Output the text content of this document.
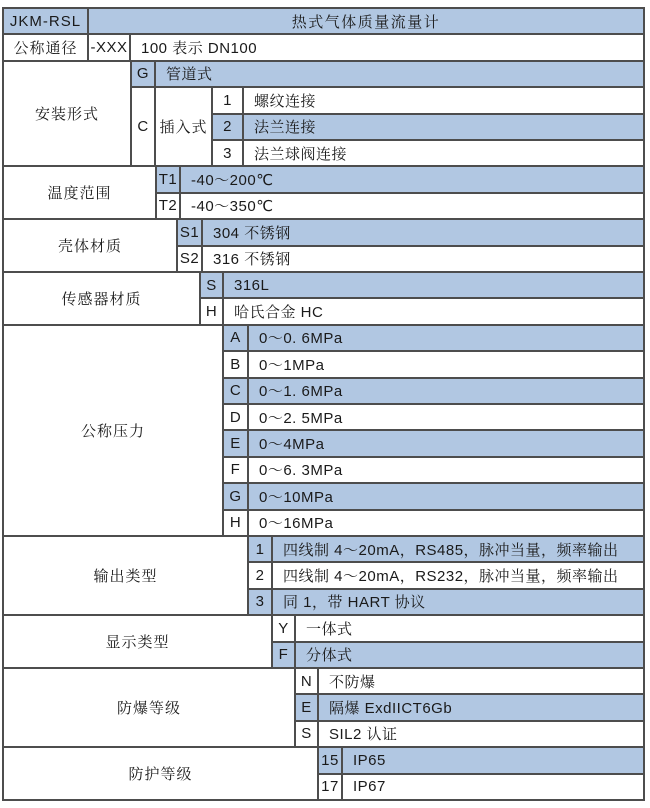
JKM-RSL	热式气体质量流量计
公称通径 -XXX 100 表示 DN100
安装形式
G	管道式
C 插入式
1	螺纹连接
2	法兰连接
3	法兰球阀连接
温度范围
T1 -40～200℃
T2 -40～350℃
壳体材质
S1 304 不锈钢
S2 316 不锈钢
传感器材质
S	316L
H	哈氏合金 HC
公称压力
A	0～0. 6MPa
B	0～1MPa
C	0～1. 6MPa
D	0～2. 5MPa
E	0～4MPa
F	0～6. 3MPa
G	0～10MPa
H	0～16MPa
输出类型
1	四线制 4～20mA，RS485，脉冲当量，频率输出
2	四线制 4～20mA，RS232，脉冲当量，频率输出
3	同 1，带 HART 协议
显示类型
Y	一体式
F	分体式
防爆等级
N	不防爆
E	隔爆 ExdIICT6Gb
S	SIL2 认证
防护等级
15 IP65
17 IP67
